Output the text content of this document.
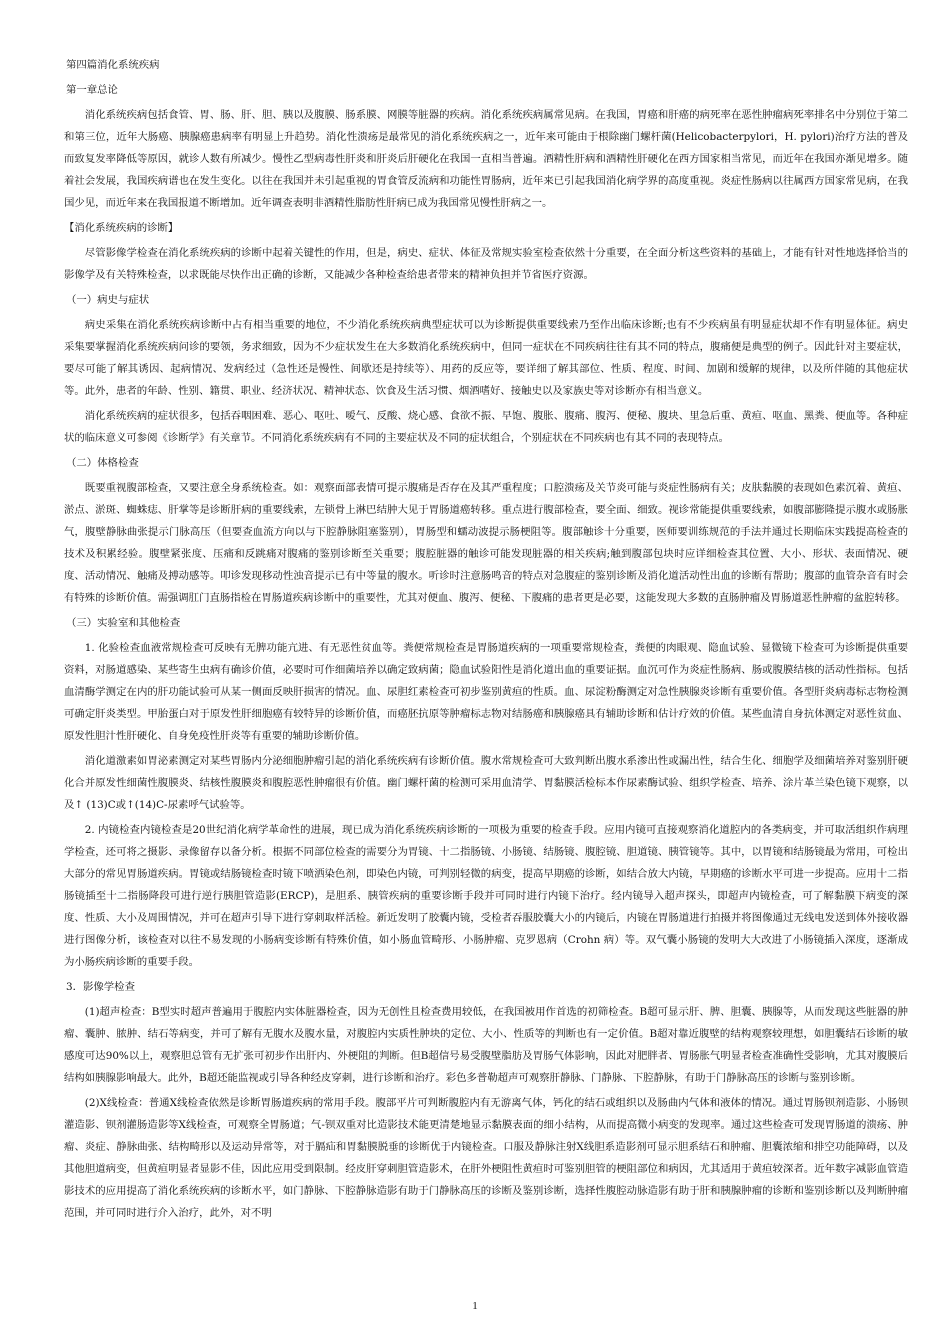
第四篇消化系统疾病

第一章总论

消化系统疾病包括食管、胃、肠、肝、胆、胰以及腹膜、肠系膜、网膜等脏器的疾病。消化系统疾病属常见病。在我国，胃癌和肝癌的病死率在恶性肿瘤病死率排名中分别位于第二和第三位，近年大肠癌、胰腺癌患病率有明显上升趋势。消化性溃疡是最常见的消化系统疾病之一，近年来可能由于根除幽门螺杆菌(Helicobacterpylori，H. pylori)治疗方法的普及而致复发率降低等原因，就诊人数有所减少。慢性乙型病毒性肝炎和肝炎后肝硬化在我国一直相当普遍。酒精性肝病和酒精性肝硬化在西方国家相当常见，而近年在我国亦渐见增多。随着社会发展，我国疾病谱也在发生变化。以往在我国并未引起重视的胃食管反流病和功能性胃肠病，近年来已引起我国消化病学界的高度重视。炎症性肠病以往属西方国家常见病，在我国少见，而近年来在我国报道不断增加。近年调查表明非酒精性脂肪性肝病已成为我国常见慢性肝病之一。

【消化系统疾病的诊断】

尽管影像学检查在消化系统疾病的诊断中起着关键性的作用，但是，病史、症状、体征及常规实验室检查依然十分重要，在全面分析这些资料的基础上，才能有针对性地选择恰当的影像学及有关特殊检查，以求既能尽快作出正确的诊断，又能减少各种检查给患者带来的精神负担并节省医疗资源。

（一）病史与症状

病史采集在消化系统疾病诊断中占有相当重要的地位，不少消化系统疾病典型症状可以为诊断提供重要线索乃至作出临床诊断;也有不少疾病虽有明显症状却不作有明显体征。病史采集要掌握消化系统疾病问诊的要领，务求细致，因为不少症状发生在大多数消化系统疾病中，但同一症状在不同疾病往往有其不同的特点，腹痛便是典型的例子。因此针对主要症状，要尽可能了解其诱因、起病情况、发病经过（急性还是慢性、间歇还是持续等）、用药的反应等，要详细了解其部位、性质、程度、时间、加剧和缓解的规律，以及所伴随的其他症状等。此外，患者的年龄、性别、籍贯、职业、经济状况、精神状态、饮食及生活习惯、烟酒嗜好、接触史以及家族史等对诊断亦有相当意义。

消化系统疾病的症状很多，包括吞咽困难、恶心、呕吐、嗳气、反酸、烧心感、食欲不振、早饱、腹胀、腹痛、腹泻、便秘、腹块、里急后重、黄疸、呕血、黑粪、便血等。各种症状的临床意义可参阅《诊断学》有关章节。不同消化系统疾病有不同的主要症状及不同的症状组合，个别症状在不同疾病也有其不同的表现特点。

（二）体格检查

既要重视腹部检查，又要注意全身系统检查。如：观察面部表情可提示腹痛是否存在及其严重程度；口腔溃疡及关节炎可能与炎症性肠病有关；皮肤黏膜的表现如色素沉着、黄疸、淤点、淤斑、蜘蛛痣、肝掌等是诊断肝病的重要线索，左锁骨上淋巴结肿大见于胃肠道癌转移。重点进行腹部检查，要全面、细致。视诊常能提供重要线索，如腹部膨隆提示腹水或肠胀气，腹壁静脉曲张提示门脉高压（但要查血流方向以与下腔静脉阻塞鉴别），胃肠型和蠕动波提示肠梗阻等。腹部触诊十分重要，医师要训练规范的手法并通过长期临床实践提高检查的技术及积累经验。腹壁紧张度、压痛和反跳痛对腹痛的鉴别诊断至关重要；腹腔脏器的触诊可能发现脏器的相关疾病;触到腹部包块时应详细检查其位置、大小、形状、表面情况、硬度、活动情况、触痛及搏动感等。叩诊发现移动性浊音提示已有中等量的腹水。听诊时注意肠鸣音的特点对急腹症的鉴别诊断及消化道活动性出血的诊断有帮助；腹部的血管杂音有时会有特殊的诊断价值。需强调肛门直肠指检在胃肠道疾病诊断中的重要性，尤其对便血、腹泻、便秘、下腹痛的患者更是必要，这能发现大多数的直肠肿瘤及胃肠道恶性肿瘤的盆腔转移。

（三）实验室和其他检查

1. 化验检查血液常规检查可反映有无脾功能亢进、有无恶性贫血等。粪便常规检查是胃肠道疾病的一项重要常规检查，粪便的肉眼观、隐血试验、显微镜下检查可为诊断提供重要资料，对肠道感染、某些寄生虫病有确诊价值，必要时可作细菌培养以确定致病菌；隐血试验阳性是消化道出血的重要证据。血沉可作为炎症性肠病、肠或腹膜结核的活动性指标。包括血清酶学测定在内的肝功能试验可从某一侧面反映肝损害的情况。血、尿胆红素检查可初步鉴别黄疸的性质。血、尿淀粉酶测定对急性胰腺炎诊断有重要价值。各型肝炎病毒标志物检测可确定肝炎类型。甲胎蛋白对于原发性肝细胞癌有较特异的诊断价值，而癌胚抗原等肿瘤标志物对结肠癌和胰腺癌具有辅助诊断和估计疗效的价值。某些血清自身抗体测定对恶性贫血、原发性胆汁性肝硬化、自身免疫性肝炎等有重要的辅助诊断价值。

消化道激素如胃泌素测定对某些胃肠内分泌细胞肿瘤引起的消化系统疾病有诊断价值。腹水常规检查可大致判断出腹水系渗出性或漏出性，结合生化、细胞学及细菌培养对鉴别肝硬化合并原发性细菌性腹膜炎、结核性腹膜炎和腹腔恶性肿瘤很有价值。幽门螺杆菌的检测可采用血清学、胃黏膜活检标本作尿素酶试验、组织学检查、培养、涂片革兰染色镜下观察，以及↑ (13)C或↑(14)C-尿素呼气试验等。

2. 内镜检查内镜检查是20世纪消化病学革命性的进展，现已成为消化系统疾病诊断的一项极为重要的检查手段。应用内镜可直接观察消化道腔内的各类病变，并可取活组织作病理学检查，还可将之摄影、录像留存以备分析。根据不同部位检查的需要分为胃镜、十二指肠镜、小肠镜、结肠镜、腹腔镜、胆道镜、胰管镜等。其中，以胃镜和结肠镜最为常用，可检出大部分的常见胃肠道疾病。胃镜或结肠镜检查时镜下喷洒染色剂，即染色内镜，可判别轻微的病变，提高早期癌的诊断，如结合放大内镜，早期癌的诊断水平可进一步提高。应用十二指肠镜插至十二指肠降段可进行逆行胰胆管造影(ERCP)，是胆系、胰管疾病的重要诊断手段并可同时进行内镜下治疗。经内镜导入超声探头，即超声内镜检查，可了解黏膜下病变的深度、性质、大小及周围情况，并可在超声引导下进行穿刺取样活检。新近发明了胶囊内镜，受检者吞服胶囊大小的内镜后，内镜在胃肠道进行拍摄并将图像通过无线电发送到体外接收器进行图像分析，该检查对以往不易发现的小肠病变诊断有特殊价值，如小肠血管畸形、小肠肿瘤、克罗恩病（Crohn 病）等。双气囊小肠镜的发明大大改进了小肠镜插入深度，逐渐成为小肠疾病诊断的重要手段。

3．影像学检查

(1)超声检查：B型实时超声普遍用于腹腔内实体脏器检查，因为无创性且检查费用较低，在我国被用作首选的初筛检查。B超可显示肝、脾、胆囊、胰腺等，从而发现这些脏器的肿瘤、囊肿、脓肿、结石等病变，并可了解有无腹水及腹水量，对腹腔内实质性肿块的定位、大小、性质等的判断也有一定价值。B超对靠近腹壁的结构观察较理想，如胆囊结石诊断的敏感度可达90%以上，观察胆总管有无扩张可初步作出肝内、外梗阻的判断。但B超信号易受腹壁脂肪及胃肠气体影响，因此对肥胖者、胃肠胀气明显者检查准确性受影响，尤其对腹膜后结构如胰腺影响最大。此外，B超还能监视或引导各种经皮穿刺，进行诊断和治疗。彩色多普勒超声可观察肝静脉、门静脉、下腔静脉，有助于门静脉高压的诊断与鉴别诊断。

(2)X线检查：普通X线检查依然是诊断胃肠道疾病的常用手段。腹部平片可判断腹腔内有无游离气体，钙化的结石或组织以及肠曲内气体和液体的情况。通过胃肠钡剂造影、小肠钡灌造影、钡剂灌肠造影等X线检查，可观察全胃肠道；气-钡双重对比造影技术能更清楚地显示黏膜表面的细小结构，从而提高微小病变的发现率。通过这些检查可发现胃肠道的溃疡、肿瘤、炎症、静脉曲张、结构畸形以及运动异常等，对于膈疝和胃黏膜脱垂的诊断优于内镜检查。口服及静脉注射X线胆系造影剂可显示胆系结石和肿瘤、胆囊浓缩和排空功能障碍，以及其他胆道病变，但黄疸明显者显影不佳，因此应用受到限制。经皮肝穿刺胆管造影术，在肝外梗阻性黄疸时可鉴别胆管的梗阻部位和病因，尤其适用于黄疸较深者。近年数字减影血管造影技术的应用提高了消化系统疾病的诊断水平，如门静脉、下腔静脉造影有助于门静脉高压的诊断及鉴别诊断，选择性腹腔动脉造影有助于肝和胰腺肿瘤的诊断和鉴别诊断以及判断肿瘤范围，并可同时进行介入治疗，此外，对不明

1
